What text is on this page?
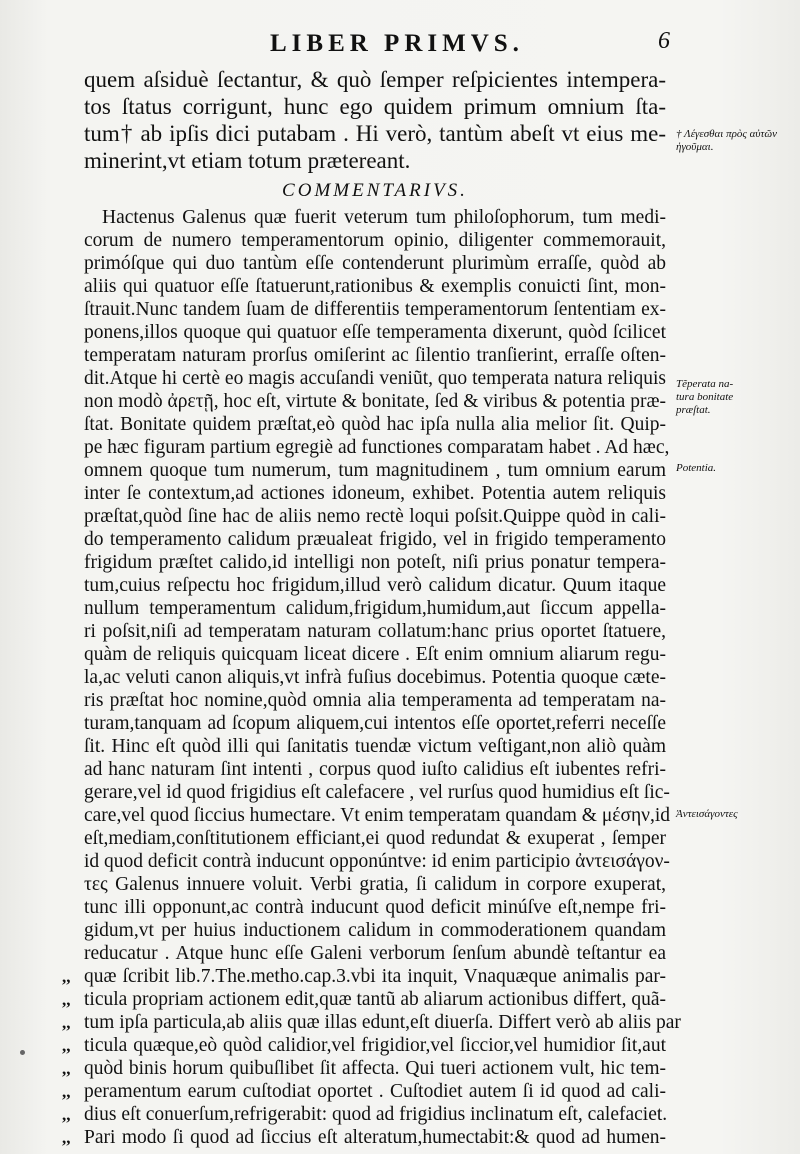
LIBER PRIMVS.	6
quem aſsiduè ſectantur, & quò ſemper reſpicientes intempera-
tos ſtatus corrigunt, hunc ego quidem primum omnium ſta-
tum† ab ipſis dici putabam . Hi verò, tantùm abeſt vt eius me-
minerint,vt etiam totum prætereant.
COMMENTARIVS.
Hactenus Galenus quæ fuerit veterum tum philoſophorum, tum medi-
corum de numero temperamentorum opinio, diligenter commemorauit,
primóſque qui duo tantùm eſſe contenderunt plurimùm erraſſe, quòd ab
aliis qui quatuor eſſe ſtatuerunt,rationibus & exemplis conuicti ſint, mon-
ſtrauit.Nunc tandem ſuam de differentiis temperamentorum ſententiam ex-
ponens,illos quoque qui quatuor eſſe temperamenta dixerunt, quòd ſcilicet
temperatam naturam prorſus omiſerint ac ſilentio tranſierint, erraſſe oſten-
dit.Atque hi certè eo magis accuſandi veniũt, quo temperata natura reliquis
non modò ἀρετῇ, hoc eſt, virtute & bonitate, ſed & viribus & potentia præ-
ſtat. Bonitate quidem præſtat,eò quòd hac ipſa nulla alia melior ſit. Quip-
pe hæc figuram partium egregiè ad functiones comparatam habet . Ad hæc,
omnem quoque tum numerum, tum magnitudinem , tum omnium earum
inter ſe contextum,ad actiones idoneum, exhibet. Potentia autem reliquis
præſtat,quòd ſine hac de aliis nemo rectè loqui poſsit.Quippe quòd in cali-
do temperamento calidum præualeat frigido, vel in frigido temperamento
frigidum præſtet calido,id intelligi non poteſt, niſi prius ponatur tempera-
tum,cuius reſpectu hoc frigidum,illud verò calidum dicatur. Quum itaque
nullum temperamentum calidum,frigidum,humidum,aut ſiccum appella-
ri poſsit,niſi ad temperatam naturam collatum:hanc prius oportet ſtatuere,
quàm de reliquis quicquam liceat dicere . Eſt enim omnium aliarum regu-
la,ac veluti canon aliquis,vt infrà fuſius docebimus. Potentia quoque cæte-
ris præſtat hoc nomine,quòd omnia alia temperamenta ad temperatam na-
turam,tanquam ad ſcopum aliquem,cui intentos eſſe oportet,referri neceſſe
ſit. Hinc eſt quòd illi qui ſanitatis tuendæ victum veſtigant,non aliò quàm
ad hanc naturam ſint intenti , corpus quod iuſto calidius eſt iubentes refri-
gerare,vel id quod frigidius eſt calefacere , vel rurſus quod humidius eſt ſic-
care,vel quod ſiccius humectare. Vt enim temperatam quandam & μέσην,id
eſt,mediam,conſtitutionem efficiant,ei quod redundat & exuperat , ſemper
id quod deficit contrà inducunt opponúntve: id enim participio ἀντεισάγον-
τες Galenus innuere voluit. Verbi gratia, ſi calidum in corpore exuperat,
tunc illi opponunt,ac contrà inducunt quod deficit minúſve eſt,nempe fri-
gidum,vt per huius inductionem calidum in commoderationem quandam
reducatur . Atque hunc eſſe Galeni verborum ſenſum abundè teſtantur ea
,, quæ ſcribit lib.7.The.metho.cap.3.vbi ita inquit, Vnaquæque animalis par-
,, ticula propriam actionem edit,quæ tantũ ab aliarum actionibus differt, quã-
,, tum ipſa particula,ab aliis quæ illas edunt,eſt diuerſa. Differt verò ab aliis par
,, ticula quæque,eò quòd calidior,vel frigidior,vel ſiccior,vel humidior ſit,aut
,, quòd binis horum quibuſlibet ſit affecta. Qui tueri actionem vult, hic tem-
,, peramentum earum cuſtodiat oportet . Cuſtodiet autem ſi id quod ad cali-
,, dius eſt conuerſum,refrigerabit: quod ad frigidius inclinatum eſt, calefaciet.
,, Pari modo ſi quod ad ſiccius eſt alteratum,humectabit:& quod ad humen-
† Λέγεσθαι πρὸς αὐτῶν ἡγοῦμαι.
Tẽperata na- tura bonitate præſtat.
Potentia.
Ἀντεισάγοντες
